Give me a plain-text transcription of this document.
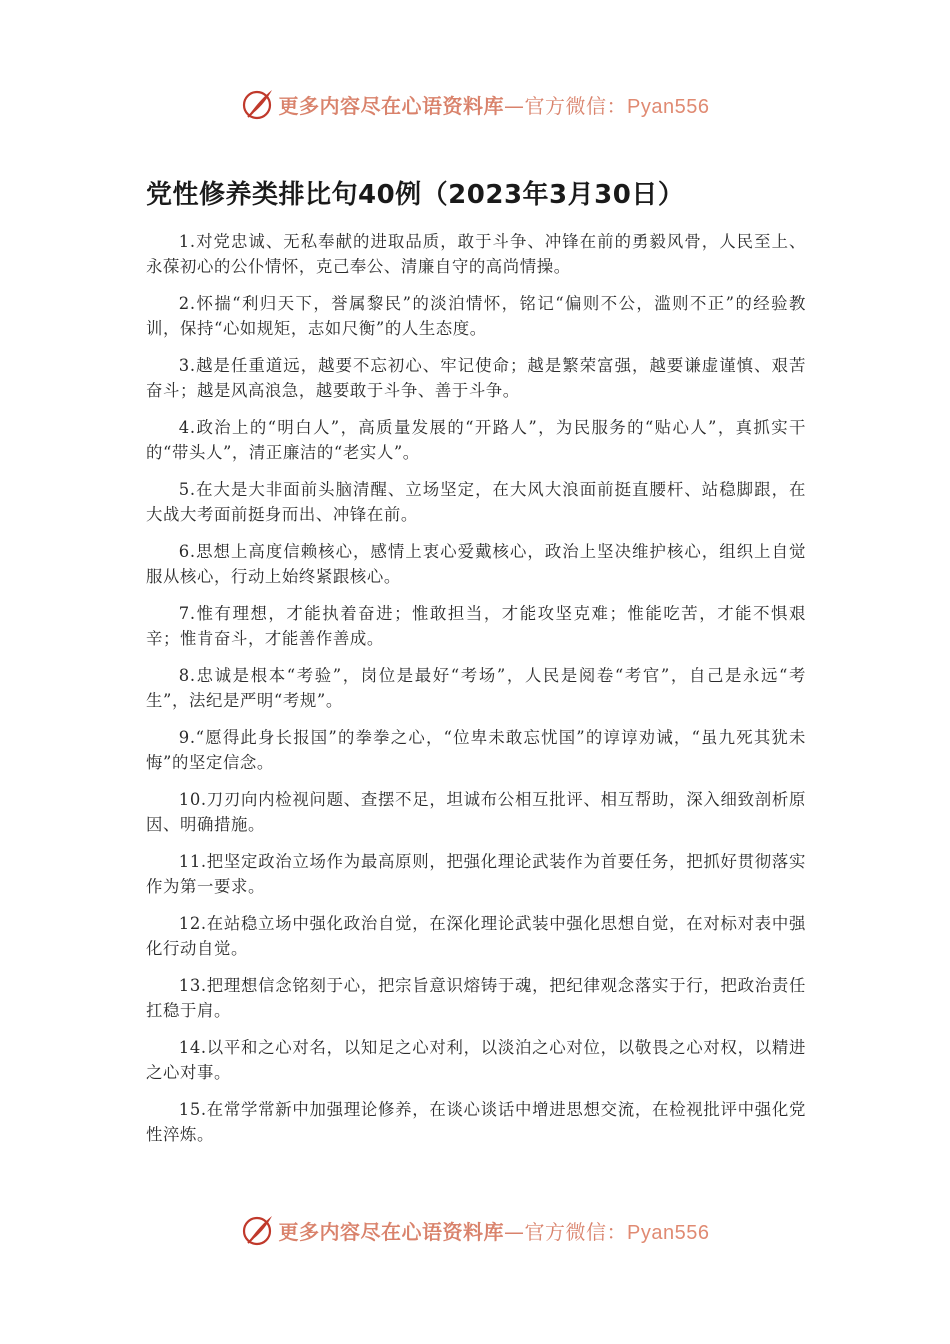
更多内容尽在心语资料库—官方微信：Pyan556
党性修养类排比句40例（2023年3月30日）

1.对党忠诚、无私奉献的进取品质，敢于斗争、冲锋在前的勇毅风骨，人民至上、永葆初心的公仆情怀，克己奉公、清廉自守的高尚情操。

2.怀揣“利归天下，誉属黎民”的淡泊情怀，铭记“偏则不公，滥则不正”的经验教训，保持“心如规矩，志如尺衡”的人生态度。

3.越是任重道远，越要不忘初心、牢记使命；越是繁荣富强，越要谦虚谨慎、艰苦奋斗；越是风高浪急，越要敢于斗争、善于斗争。

4.政治上的“明白人”，高质量发展的“开路人”，为民服务的“贴心人”，真抓实干的“带头人”，清正廉洁的“老实人”。

5.在大是大非面前头脑清醒、立场坚定，在大风大浪面前挺直腰杆、站稳脚跟，在大战大考面前挺身而出、冲锋在前。

6.思想上高度信赖核心，感情上衷心爱戴核心，政治上坚决维护核心，组织上自觉服从核心，行动上始终紧跟核心。

7.惟有理想，才能执着奋进；惟敢担当，才能攻坚克难；惟能吃苦，才能不惧艰辛；惟肯奋斗，才能善作善成。

8.忠诚是根本“考验”，岗位是最好“考场”，人民是阅卷“考官”，自己是永远“考生”，法纪是严明“考规”。

9.“愿得此身长报国”的拳拳之心，“位卑未敢忘忧国”的谆谆劝诫，“虽九死其犹未悔”的坚定信念。

10.刀刃向内检视问题、查摆不足，坦诚布公相互批评、相互帮助，深入细致剖析原因、明确措施。

11.把坚定政治立场作为最高原则，把强化理论武装作为首要任务，把抓好贯彻落实作为第一要求。

12.在站稳立场中强化政治自觉，在深化理论武装中强化思想自觉，在对标对表中强化行动自觉。

13.把理想信念铭刻于心，把宗旨意识熔铸于魂，把纪律观念落实于行，把政治责任扛稳于肩。

14.以平和之心对名，以知足之心对利，以淡泊之心对位，以敬畏之心对权，以精进之心对事。

15.在常学常新中加强理论修养，在谈心谈话中增进思想交流，在检视批评中强化党性淬炼。

更多内容尽在心语资料库—官方微信：Pyan556
